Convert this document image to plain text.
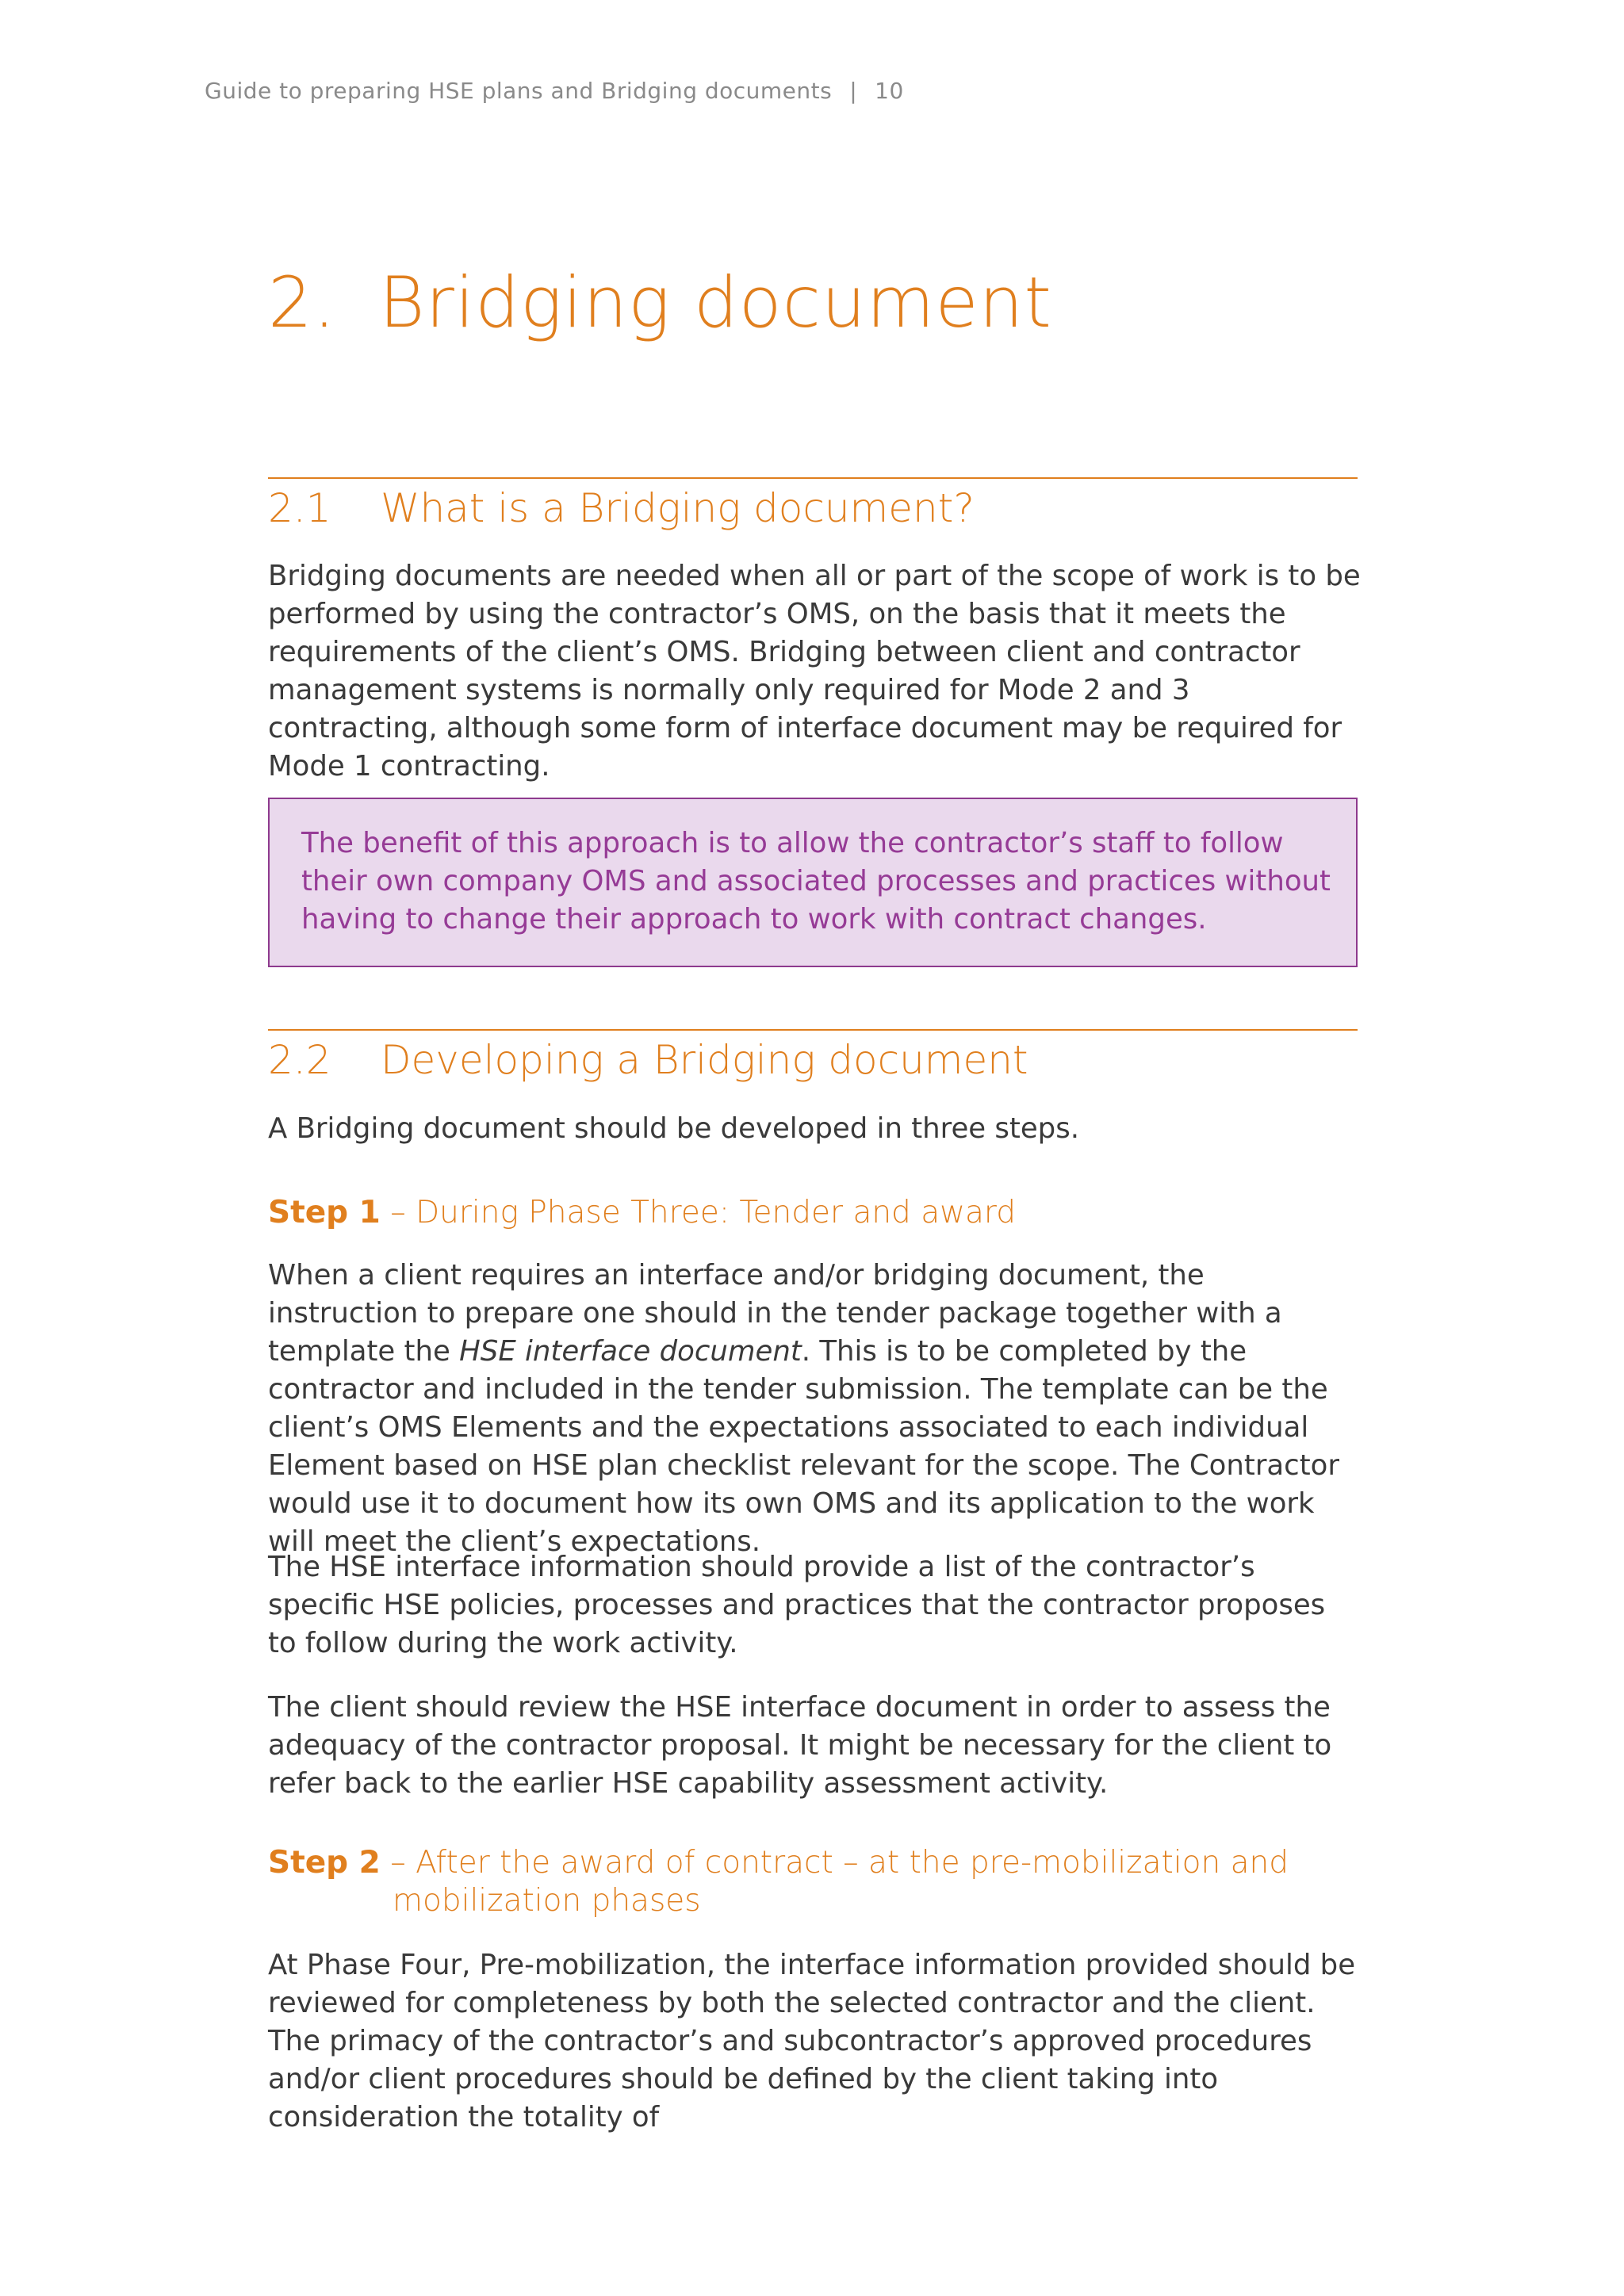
Guide to preparing HSE plans and Bridging documents | 10
2. Bridging document
2.1 What is a Bridging document?

Bridging documents are needed when all or part of the scope of work is to be performed by using the contractor’s OMS, on the basis that it meets the requirements of the client’s OMS. Bridging between client and contractor management systems is normally only required for Mode 2 and 3 contracting, although some form of interface document may be required for Mode 1 contracting.

The benefit of this approach is to allow the contractor’s staff to follow their own company OMS and associated processes and practices without having to change their approach to work with contract changes.

2.2 Developing a Bridging document

A Bridging document should be developed in three steps.

Step 1 – During Phase Three: Tender and award

When a client requires an interface and/or bridging document, the instruction to prepare one should in the tender package together with a template the HSE interface document. This is to be completed by the contractor and included in the tender submission. The template can be the client’s OMS Elements and the expectations associated to each individual Element based on HSE plan checklist relevant for the scope. The Contractor would use it to document how its own OMS and its application to the work will meet the client’s expectations.

The HSE interface information should provide a list of the contractor’s specific HSE policies, processes and practices that the contractor proposes to follow during the work activity.

The client should review the HSE interface document in order to assess the adequacy of the contractor proposal. It might be necessary for the client to refer back to the earlier HSE capability assessment activity.

Step 2 – After the award of contract – at the pre-mobilization and
mobilization phases

At Phase Four, Pre-mobilization, the interface information provided should be reviewed for completeness by both the selected contractor and the client. The primacy of the contractor’s and subcontractor’s approved procedures and/or client procedures should be defined by the client taking into consideration the totality of
